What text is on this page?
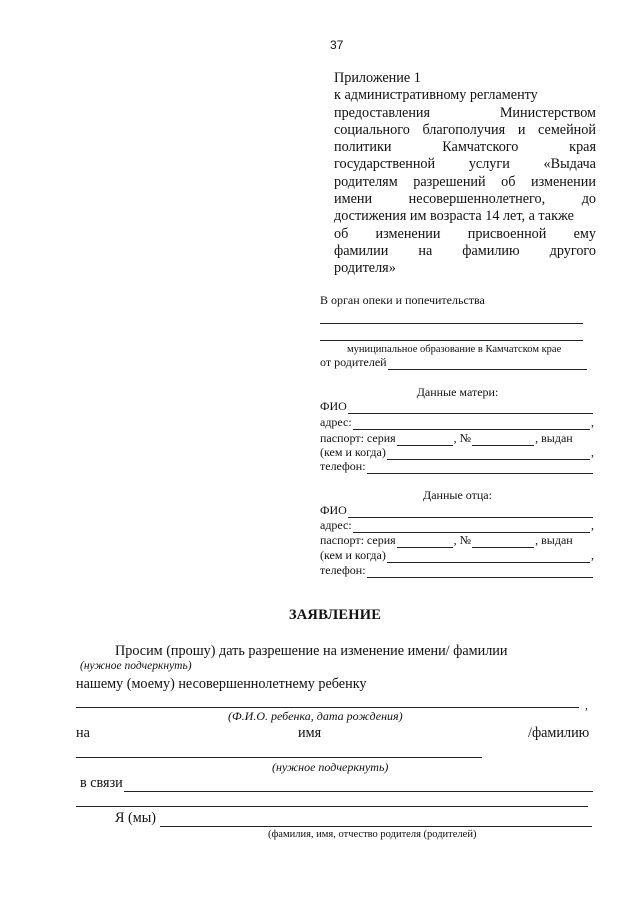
37
Приложение 1
к административному регламенту
предоставления	Министерством
социального благополучия и семейной
политики	Камчатского	края
государственной услуги «Выдача
родителям разрешений об изменении
имени	несовершеннолетнего,	до
достижения им возраста 14 лет, а также
об изменении присвоенной ему
фамилии на фамилию другого
родителя»
В орган опеки и попечительства
муниципальное образование в Камчатском крае
от родителей
Данные матери:
ФИО
адрес:	,
паспорт: серия	, №	, выдан
(кем и когда)	,
телефон:
Данные отца:
ФИО
адрес:	,
паспорт: серия	, №	, выдан
(кем и когда)	,
телефон:
ЗАЯВЛЕНИЕ
Просим (прошу) дать разрешение на изменение имени/ фамилии
(нужное подчеркнуть)
нашему (моему) несовершеннолетнему ребенку
,
(Ф.И.О. ребенка, дата рождения)
на	имя	/фамилию
(нужное подчеркнуть)
в связи
Я (мы)
(фамилия, имя, отчество родителя (родителей)
